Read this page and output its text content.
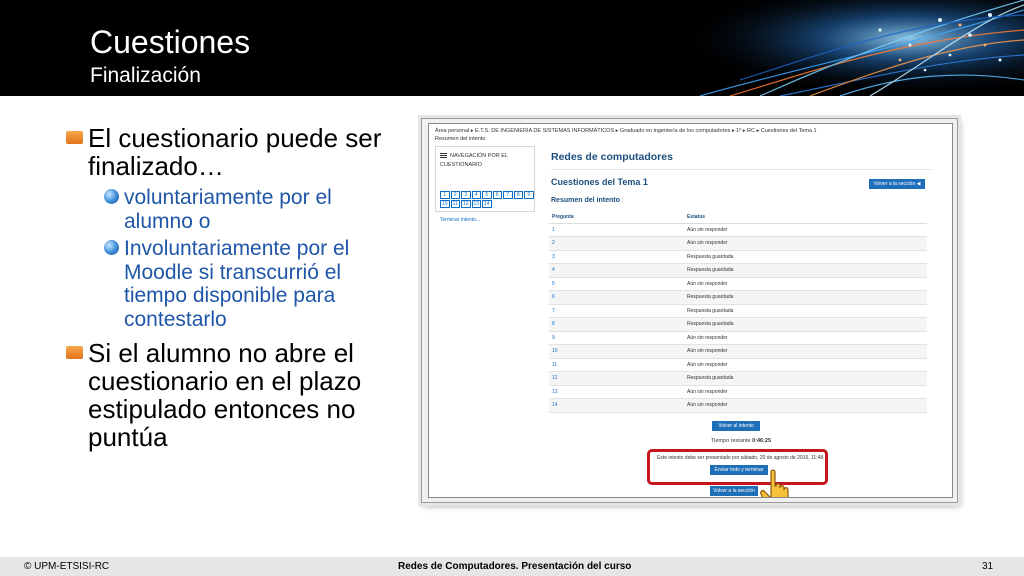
Cuestiones
Finalización
El cuestionario puede ser finalizado…
voluntariamente por el alumno o
Involuntariamente por el Moodle si transcurrió el tiempo disponible para contestarlo
Si el alumno no abre el cuestionario en el plazo estipulado entonces no puntúa
Área personal ▸ E.T.S. DE INGENIERÍA DE SISTEMAS INFORMÁTICOS ▸ Graduado en ingeniería de los computadores ▸ 1º ▸ RC ▸ Cuestiones del Tema 1
Resumen del intento
NAVEGACIÓN POR EL CUESTIONARIO
1	2	3	4	5	6	7	8	9
10	11	12 13 14
Terminar intento...
Redes de computadores
Cuestiones del Tema 1	Volver a la sección ◀
Resumen del intento
Pregunta	Estatus
1	Aún sin responder
2	Aún sin responder
3	Respuesta guardada
4	Respuesta guardada
5	Aún sin responder
6	Respuesta guardada
7	Respuesta guardada
8	Respuesta guardada
9	Aún sin responder
10	Aún sin responder
11	Aún sin responder
12	Respuesta guardada
13	Aún sin responder
14	Aún sin responder
Volver al intento
Tiempo restante 0:46:25
Este intento debe ser presentado por sábado, 20 de agosto de 2016, 11:48.
Enviar todo y terminar
Volver a la sección
© UPM-ETSISI-RC	Redes de Computadores. Presentación del curso	31
